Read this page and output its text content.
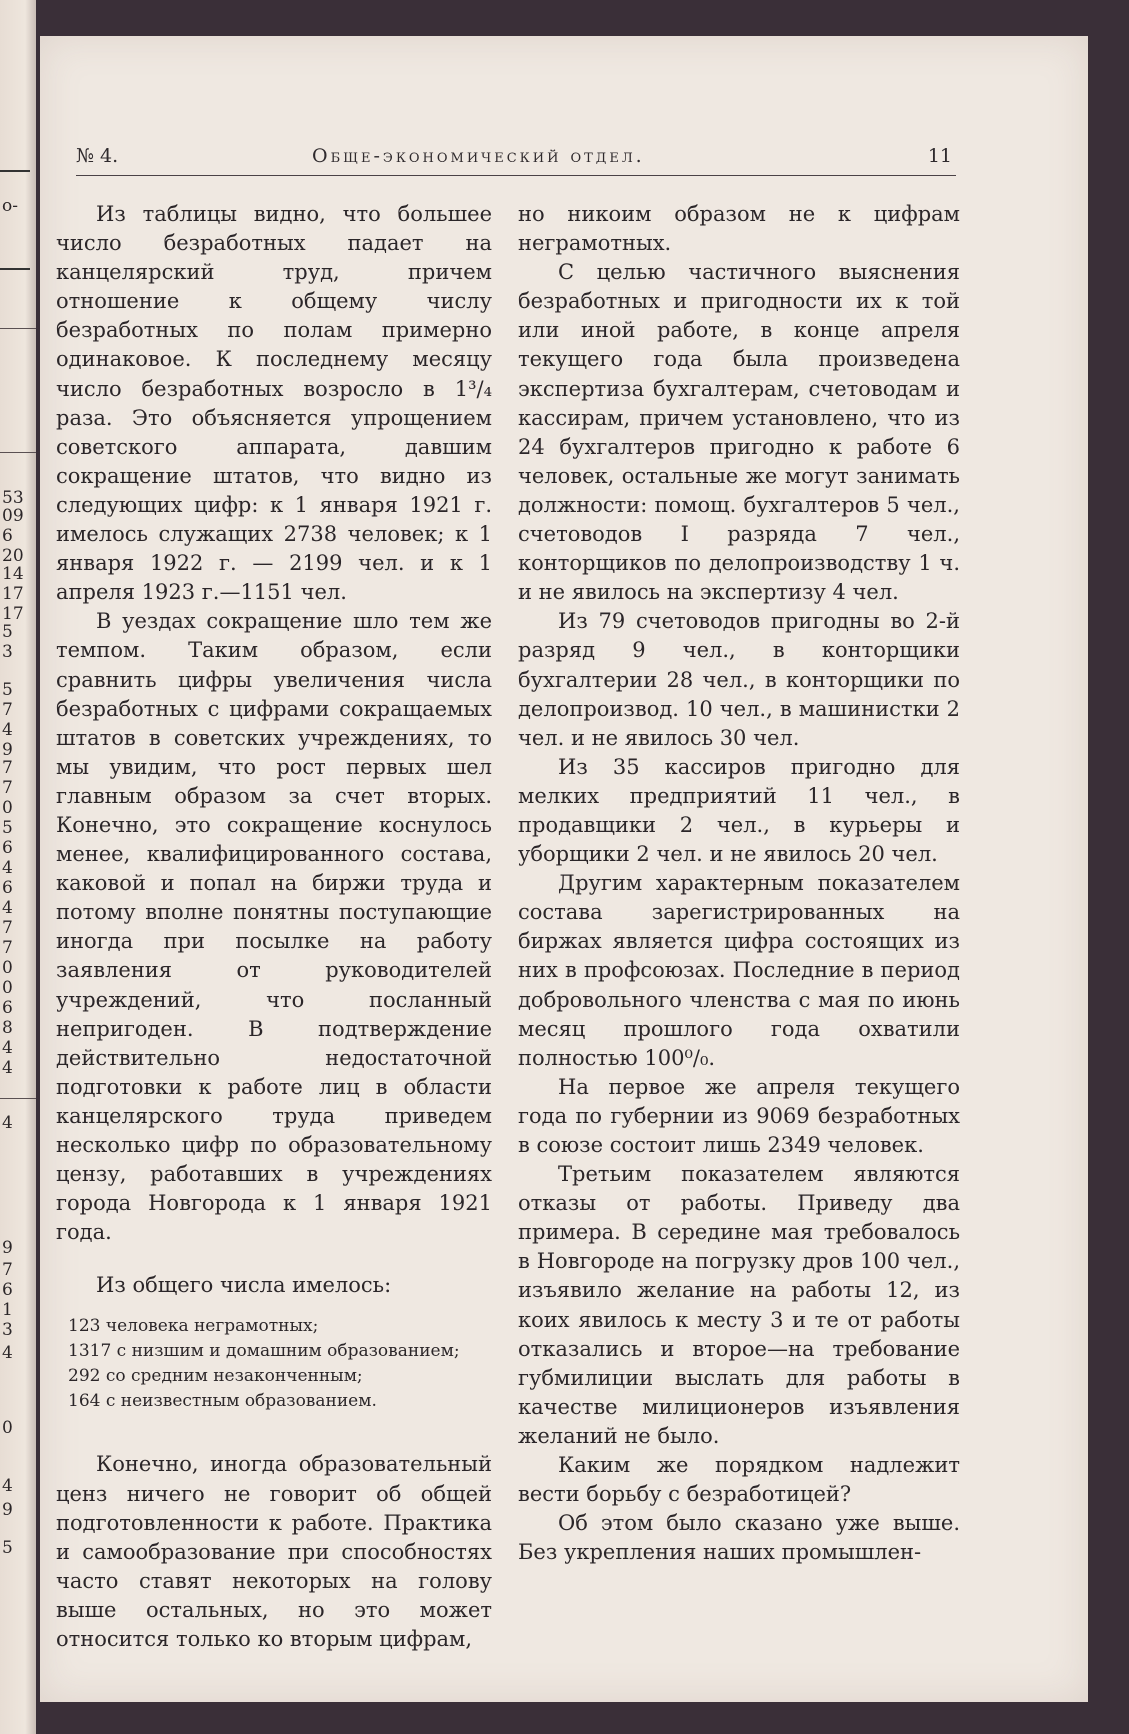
о-
53
09
6
20
14
17
17
5
3
5
7
4
9
7
7
0
5
6
4
6
4
7
7
0
0
6
8
4
4
4
9
7
6
1
3
4
0
4
9
5
№ 4.	Обще-экономический отдел.	11

Из таблицы видно, что большее число безработных падает на канцелярский труд, причем отношение к общему числу безработных по полам примерно одинаковое. К последнему месяцу число безработных возросло в 1³/₄ раза. Это объясняется упрощением советского аппарата, давшим сокращение штатов, что видно из следующих цифр: к 1 января 1921 г. имелось служащих 2738 человек; к 1 января 1922 г. — 2199 чел. и к 1 апреля 1923 г.—1151 чел.

В уездах сокращение шло тем же темпом. Таким образом, если сравнить цифры увеличения числа безработных с цифрами сокращаемых штатов в советских учреждениях, то мы увидим, что рост первых шел главным образом за счет вторых. Конечно, это сокращение коснулось менее, квалифицированного состава, каковой и попал на биржи труда и потому вполне понятны поступающие иногда при посылке на работу заявления от руководителей учреждений, что посланный непригоден. В подтверждение действительно недостаточной подготовки к работе лиц в области канцелярского труда приведем несколько цифр по образовательному цензу, работавших в учреждениях города Новгорода к 1 января 1921 года.

Из общего числа имелось:

123 человека неграмотных;
1317 с низшим и домашним образованием;
292 со средним незаконченным;
164 с неизвестным образованием.

Конечно, иногда образовательный ценз ничего не говорит об общей подготовленности к работе. Практика и самообразование при способностях часто ставят некоторых на голову выше остальных, но это может относится только ко вторым цифрам,

но никоим образом не к цифрам неграмотных.

С целью частичного выяснения безработных и пригодности их к той или иной работе, в конце апреля текущего года была произведена экспертиза бухгалтерам, счетоводам и кассирам, причем установлено, что из 24 бухгалтеров пригодно к работе 6 человек, остальные же могут занимать должности: помощ. бухгалтеров 5 чел., счетоводов I разряда 7 чел., конторщиков по делопроизводству 1 ч. и не явилось на экспертизу 4 чел.

Из 79 счетоводов пригодны во 2-й разряд 9 чел., в конторщики бухгалтерии 28 чел., в конторщики по делопроизвод. 10 чел., в машинистки 2 чел. и не явилось 30 чел.

Из 35 кассиров пригодно для мелких предприятий 11 чел., в продавщики 2 чел., в курьеры и уборщики 2 чел. и не явилось 20 чел.

Другим характерным показателем состава зарегистрированных на биржах является цифра состоящих из них в профсоюзах. Последние в период добровольного членства с мая по июнь месяц прошлого года охватили полностью 100⁰/₀.

На первое же апреля текущего года по губернии из 9069 безработных в союзе состоит лишь 2349 человек.

Третьим показателем являются отказы от работы. Приведу два примера. В середине мая требовалось в Новгороде на погрузку дров 100 чел., изъявило желание на работы 12, из коих явилось к месту 3 и те от работы отказались и второе—на требование губмилиции выслать для работы в качестве милиционеров изъявления желаний не было.

Каким же порядком надлежит вести борьбу с безработицей?

Об этом было сказано уже выше. Без укрепления наших промышлен-
